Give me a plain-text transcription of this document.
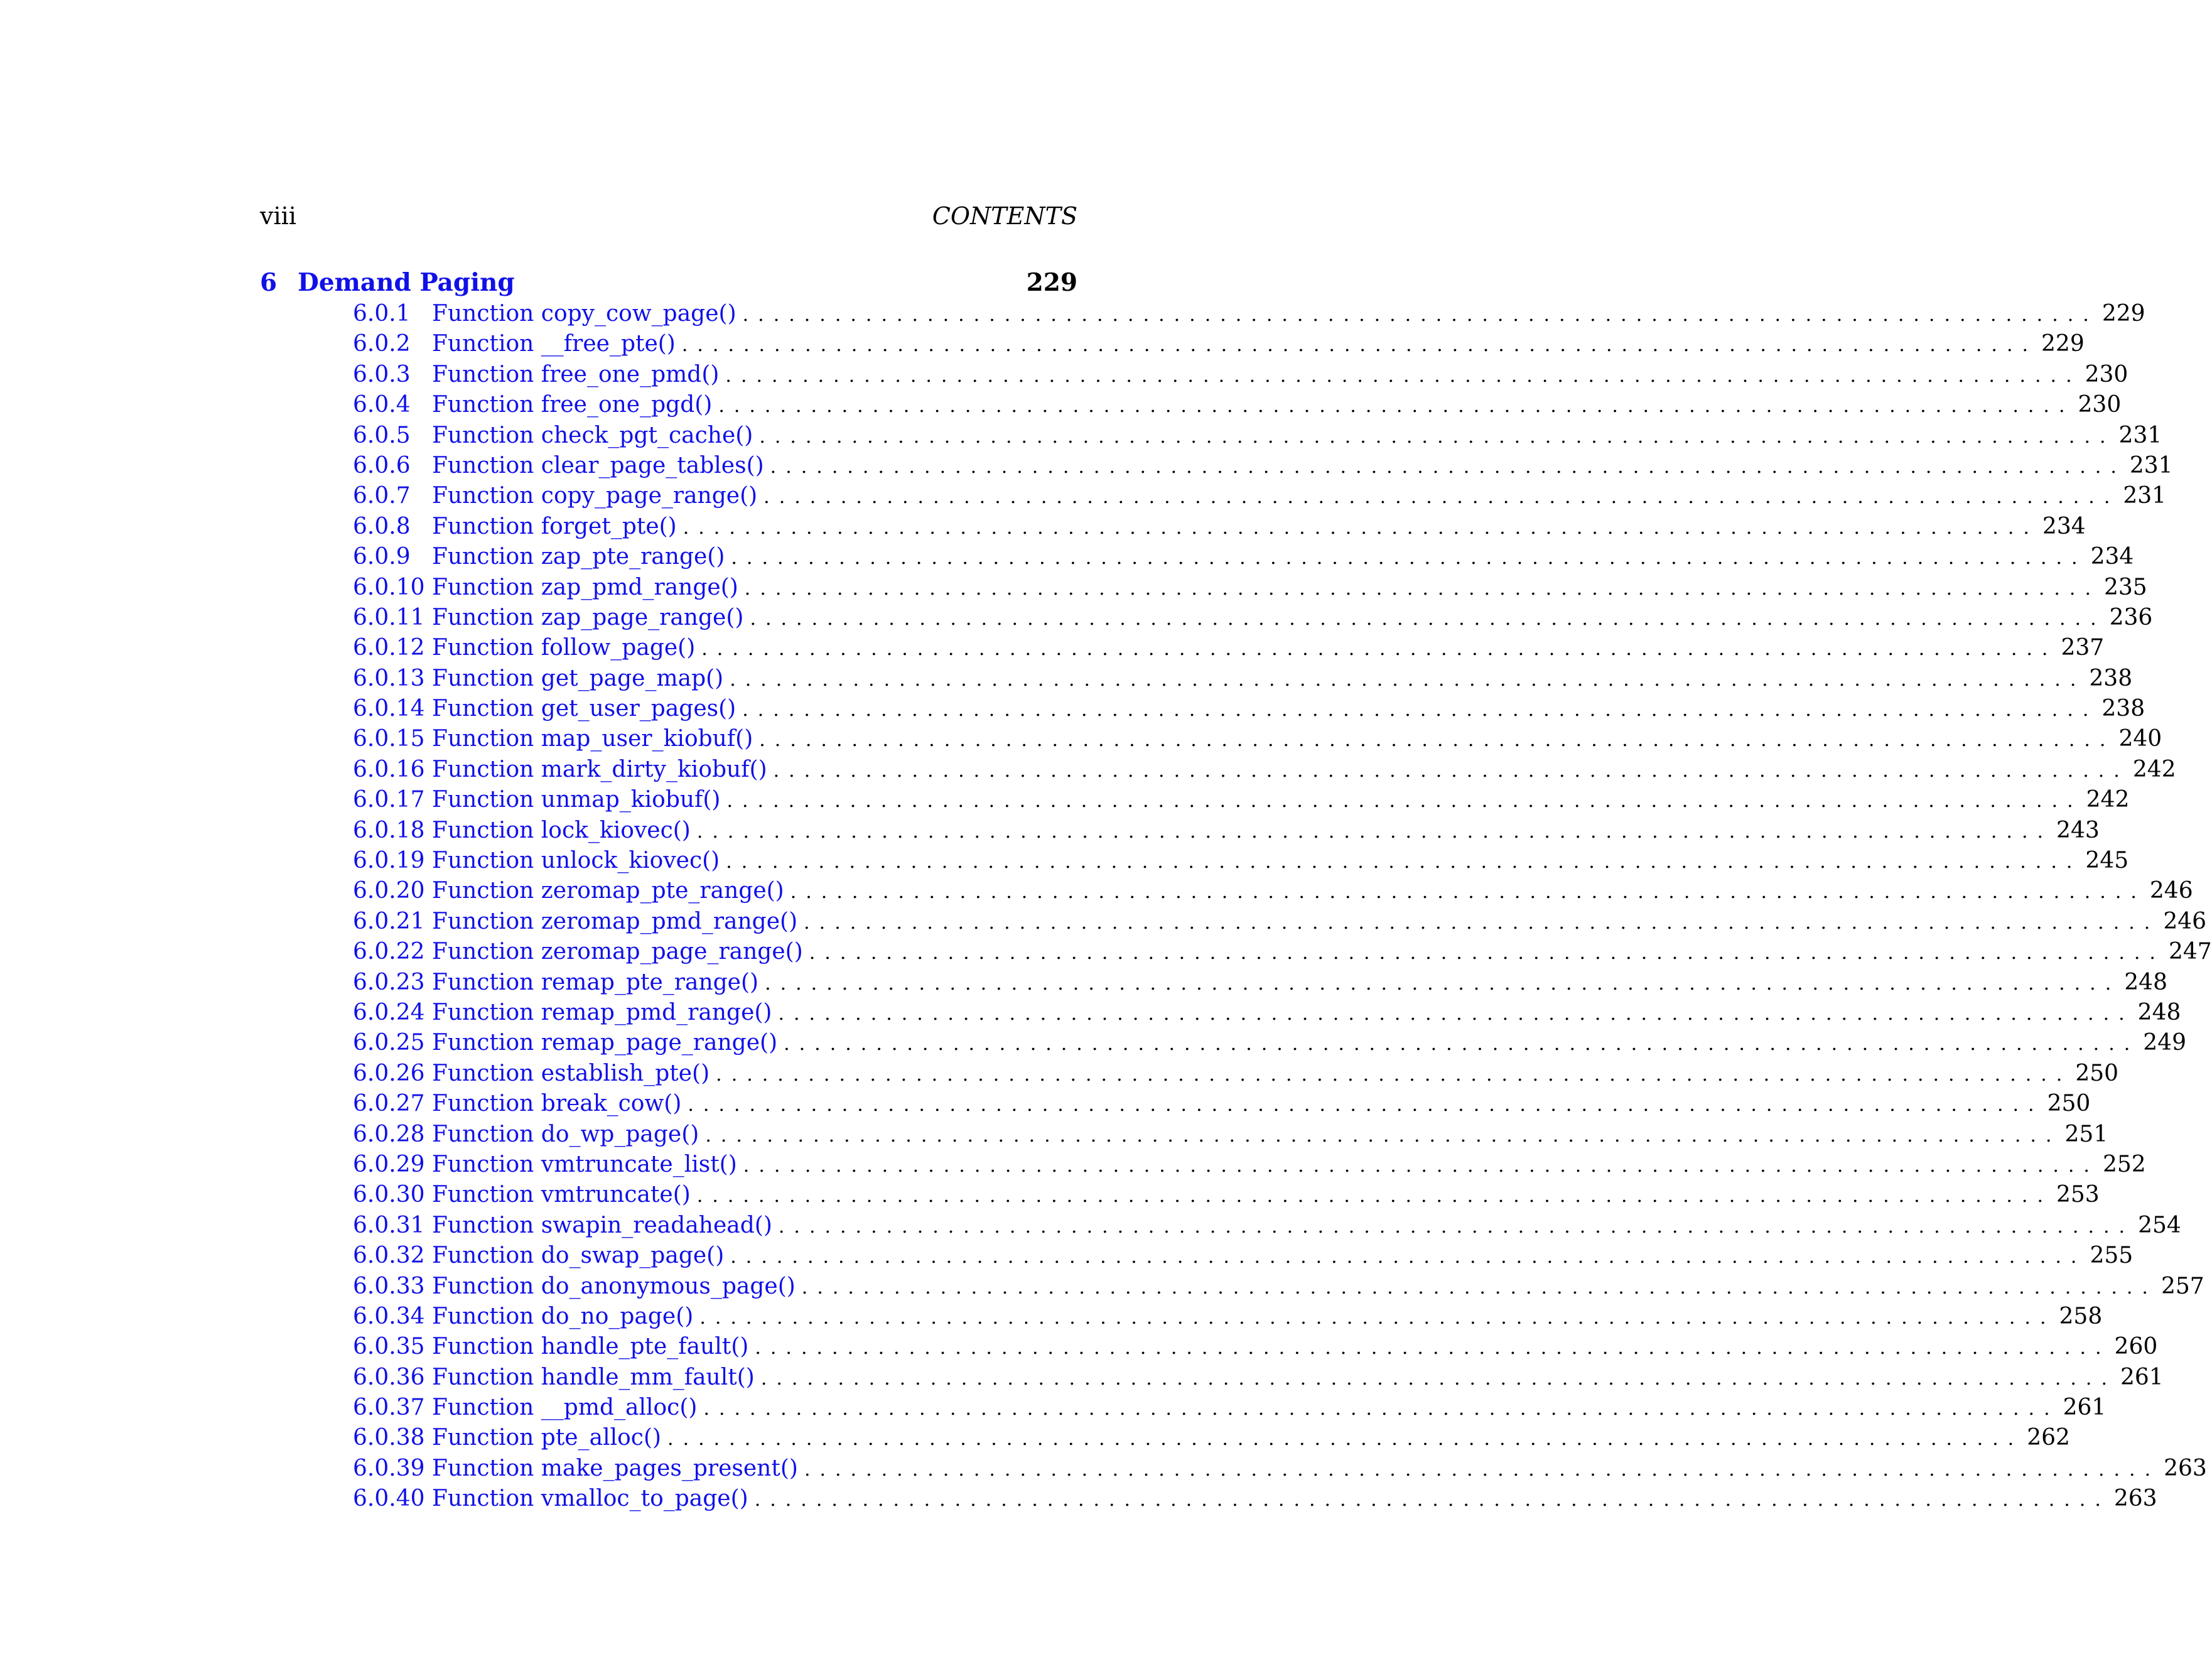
viii	CONTENTS
6 Demand Paging	229
6.0.1 Function copy_cow_page() ........................................................................................ 229
6.0.2 Function __free_pte() ........................................................................................ 229
6.0.3 Function free_one_pmd() ........................................................................................ 230
6.0.4 Function free_one_pgd() ........................................................................................ 230
6.0.5 Function check_pgt_cache() ........................................................................................ 231
6.0.6 Function clear_page_tables() ........................................................................................ 231
6.0.7 Function copy_page_range() ........................................................................................ 231
6.0.8 Function forget_pte() ........................................................................................ 234
6.0.9 Function zap_pte_range() ........................................................................................ 234
6.0.10 Function zap_pmd_range() ........................................................................................ 235
6.0.11 Function zap_page_range() ........................................................................................ 236
6.0.12 Function follow_page() ........................................................................................ 237
6.0.13 Function get_page_map() ........................................................................................ 238
6.0.14 Function get_user_pages() ........................................................................................ 238
6.0.15 Function map_user_kiobuf() ........................................................................................ 240
6.0.16 Function mark_dirty_kiobuf() ........................................................................................ 242
6.0.17 Function unmap_kiobuf() ........................................................................................ 242
6.0.18 Function lock_kiovec() ........................................................................................ 243
6.0.19 Function unlock_kiovec() ........................................................................................ 245
6.0.20 Function zeromap_pte_range() ........................................................................................ 246
6.0.21 Function zeromap_pmd_range() ........................................................................................ 246
6.0.22 Function zeromap_page_range() ........................................................................................ 247
6.0.23 Function remap_pte_range() ........................................................................................ 248
6.0.24 Function remap_pmd_range() ........................................................................................ 248
6.0.25 Function remap_page_range() ........................................................................................ 249
6.0.26 Function establish_pte() ........................................................................................ 250
6.0.27 Function break_cow() ........................................................................................ 250
6.0.28 Function do_wp_page() ........................................................................................ 251
6.0.29 Function vmtruncate_list() ........................................................................................ 252
6.0.30 Function vmtruncate() ........................................................................................ 253
6.0.31 Function swapin_readahead() ........................................................................................ 254
6.0.32 Function do_swap_page() ........................................................................................ 255
6.0.33 Function do_anonymous_page() ........................................................................................ 257
6.0.34 Function do_no_page() ........................................................................................ 258
6.0.35 Function handle_pte_fault() ........................................................................................ 260
6.0.36 Function handle_mm_fault() ........................................................................................ 261
6.0.37 Function __pmd_alloc() ........................................................................................ 261
6.0.38 Function pte_alloc() ........................................................................................ 262
6.0.39 Function make_pages_present() ........................................................................................ 263
6.0.40 Function vmalloc_to_page() ........................................................................................ 263
